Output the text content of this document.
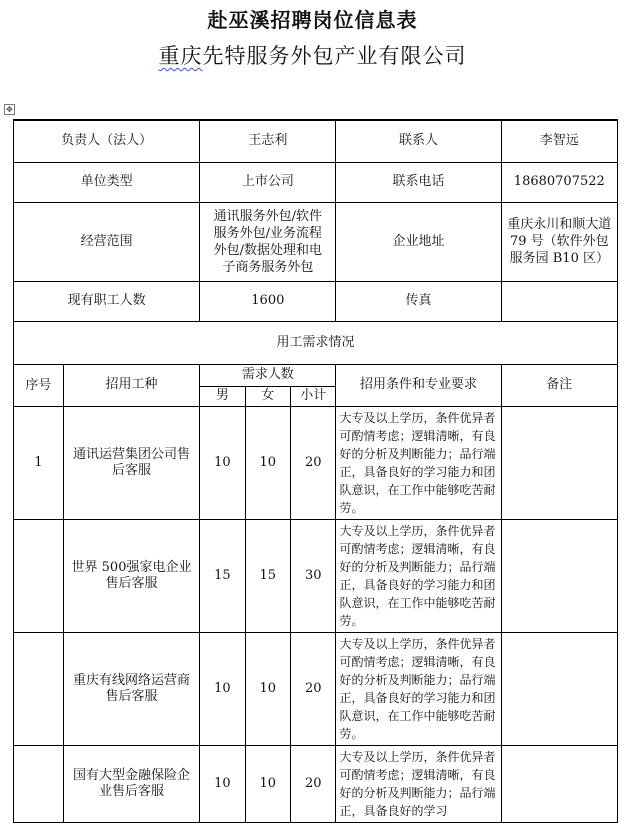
赴巫溪招聘岗位信息表
重庆先特服务外包产业有限公司
✥
负责人（法人）		王志利			联系人	李智远
单位类型		上市公司			联系电话	18680707522
经营范围		通讯服务外包/软件服务外包/业务流程外包/数据处理和电子商务服务外包			企业地址	重庆永川和顺大道 79 号（软件外包服务园 B10 区）
现有职工人数		1600			传真	
用工需求情况						
序号	招用工种	需求人数			招用条件和专业要求	备注
		男	女	小计		
1	通讯运营集团公司售后客服	10	10	20	大专及以上学历，条件优异者可酌情考虑；逻辑清晰，有良好的分析及判断能力；品行端正，具备良好的学习能力和团队意识，在工作中能够吃苦耐劳。	
	世界 500强家电企业售后客服	15	15	30	大专及以上学历，条件优异者可酌情考虑；逻辑清晰，有良好的分析及判断能力；品行端正，具备良好的学习能力和团队意识，在工作中能够吃苦耐劳。	
	重庆有线网络运营商售后客服	10	10	20	大专及以上学历，条件优异者可酌情考虑；逻辑清晰，有良好的分析及判断能力；品行端正，具备良好的学习能力和团队意识，在工作中能够吃苦耐劳。	
	国有大型金融保险企业售后客服	10	10	20	大专及以上学历，条件优异者可酌情考虑；逻辑清晰，有良好的分析及判断能力；品行端正，具备良好的学习	
